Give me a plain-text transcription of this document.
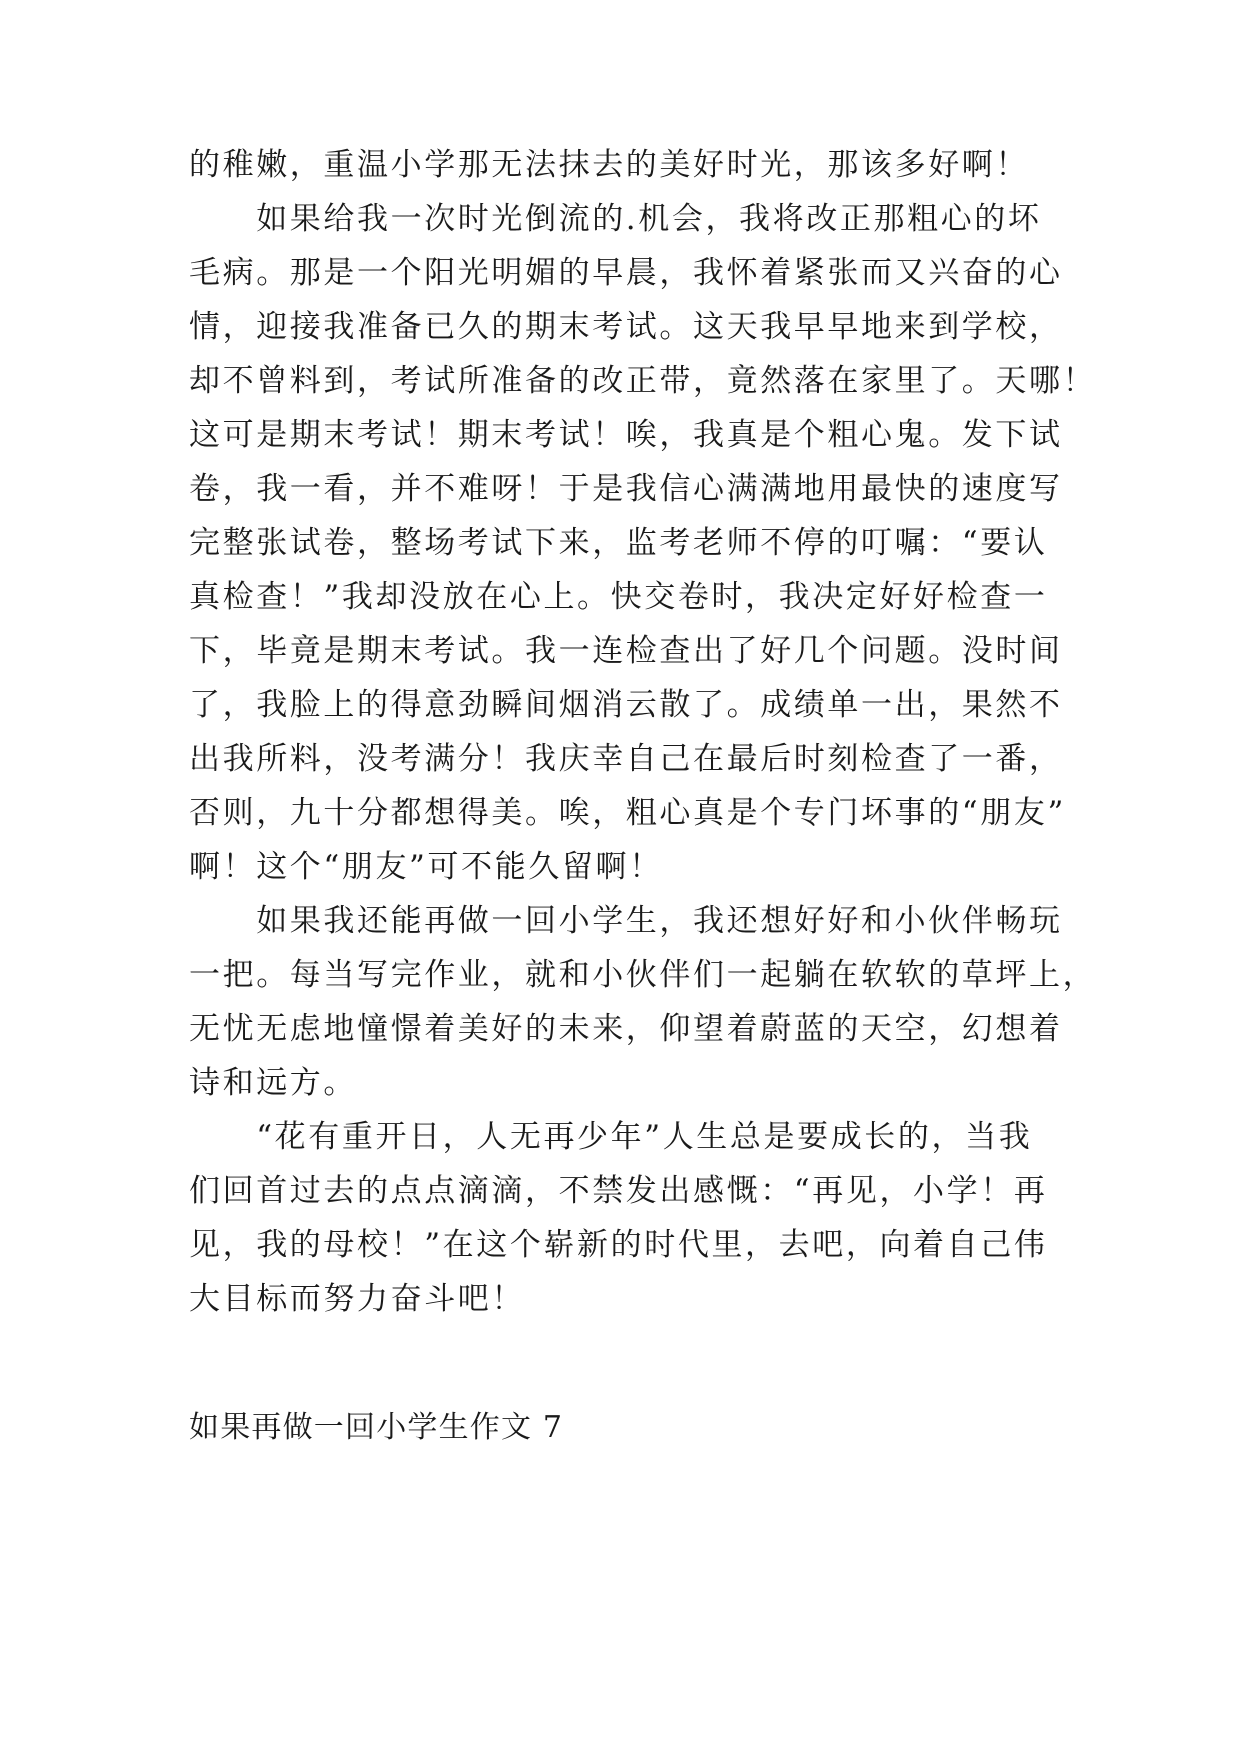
的稚嫩，重温小学那无法抹去的美好时光，那该多好啊！
　　如果给我一次时光倒流的.机会，我将改正那粗心的坏
毛病。那是一个阳光明媚的早晨，我怀着紧张而又兴奋的心
情，迎接我准备已久的期末考试。这天我早早地来到学校，
却不曾料到，考试所准备的改正带，竟然落在家里了。天哪！
这可是期末考试！期末考试！唉，我真是个粗心鬼。发下试
卷，我一看，并不难呀！于是我信心满满地用最快的速度写
完整张试卷，整场考试下来，监考老师不停的叮嘱：“要认
真检查！”我却没放在心上。快交卷时，我决定好好检查一
下，毕竟是期末考试。我一连检查出了好几个问题。没时间
了，我脸上的得意劲瞬间烟消云散了。成绩单一出，果然不
出我所料，没考满分！我庆幸自己在最后时刻检查了一番，
否则，九十分都想得美。唉，粗心真是个专门坏事的“朋友”
啊！这个“朋友”可不能久留啊！
　　如果我还能再做一回小学生，我还想好好和小伙伴畅玩
一把。每当写完作业，就和小伙伴们一起躺在软软的草坪上，
无忧无虑地憧憬着美好的未来，仰望着蔚蓝的天空，幻想着
诗和远方。
　　“花有重开日，人无再少年”人生总是要成长的，当我
们回首过去的点点滴滴，不禁发出感慨：“再见，小学！再
见，我的母校！”在这个崭新的时代里，去吧，向着自己伟
大目标而努力奋斗吧！
如果再做一回小学生作文 7
